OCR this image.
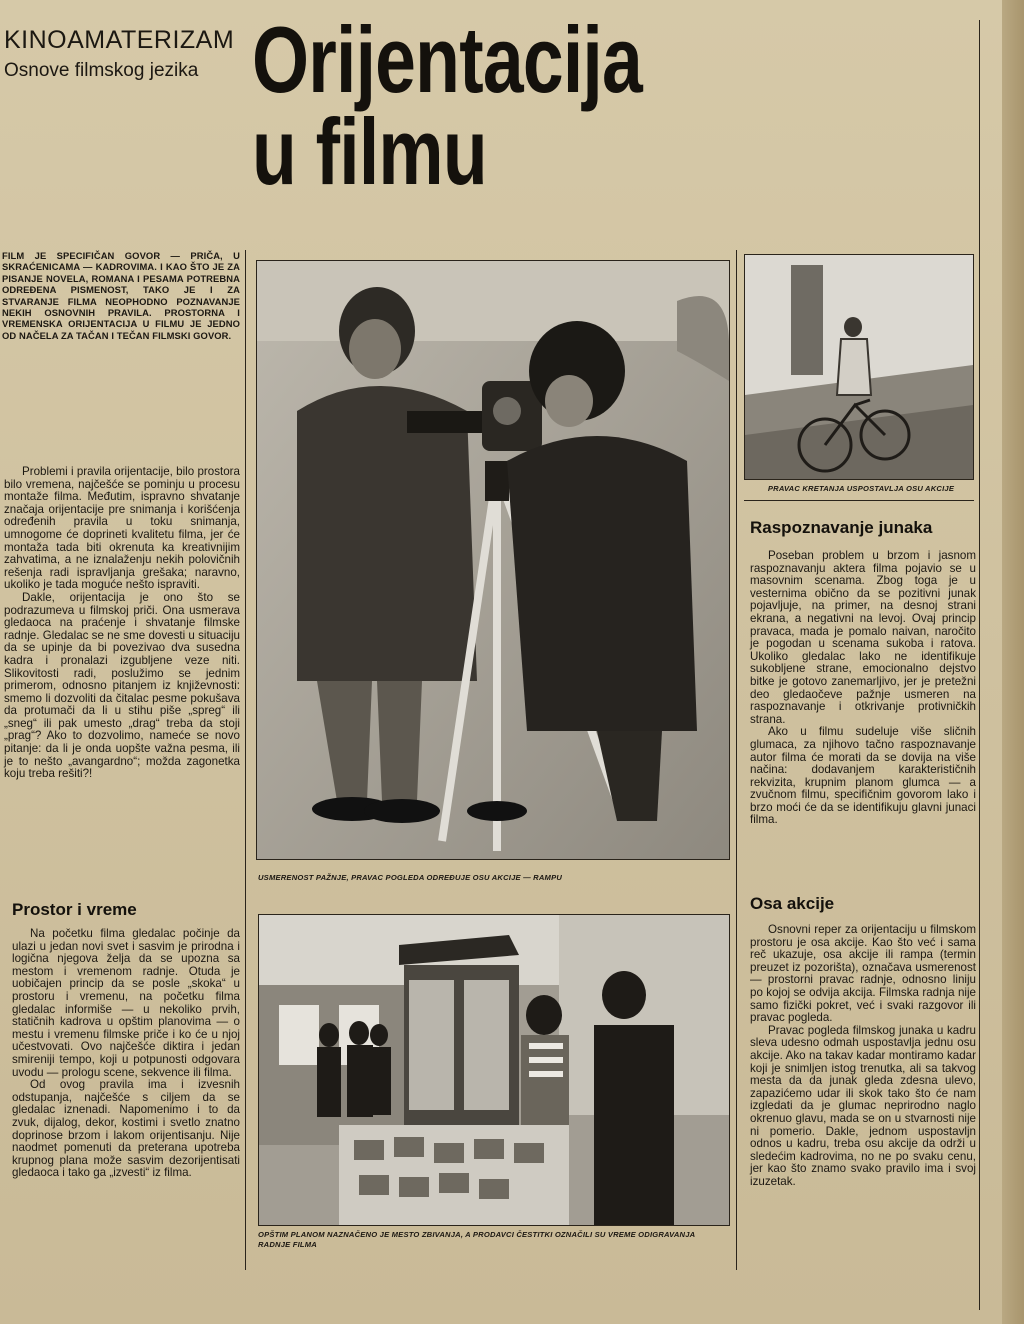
KINOAMATERIZAM
Osnove filmskog jezika Orijentacija
u filmu
FILM JE SPECIFIČAN GOVOR — PRIČA, U SKRAĆENICAMA — KADROVIMA. I KAO ŠTO JE ZA PISANJE NOVELA, ROMANA I PESAMA POTREBNA ODREĐENA PISMENOST, TAKO JE I ZA STVARANJE FILMA NEOPHODNO POZNAVANJE NEKIH OSNOVNIH PRAVILA. PROSTORNA I VREMENSKA ORIJENTACIJA U FILMU JE JEDNO OD NAČELA ZA TAČAN I TEČAN FILMSKI GOVOR.

Problemi i pravila orijentacije, bilo prostora bilo vremena, najčešće se pominju u procesu montaže filma. Međutim, ispravno shvatanje značaja orijentacije pre snimanja i korišćenja određenih pravila u toku snimanja, umnogome će doprineti kvalitetu filma, jer će montaža tada biti okrenuta ka kreativnijim zahvatima, a ne iznalaženju nekih polovičnih rešenja radi ispravljanja grešaka; naravno, ukoliko je tada moguće nešto ispraviti.

Dakle, orijentacija je ono što se podrazumeva u filmskoj priči. Ona usmerava gledaoca na praćenje i shvatanje filmske radnje. Gledalac se ne sme dovesti u situaciju da se upinje da bi povezivao dva susedna kadra i pronalazi izgubljene veze niti. Slikovitosti radi, poslužimo se jednim primerom, odnosno pitanjem iz književnosti: smemo li dozvoliti da čitalac pesme pokušava da protumači da li u stihu piše „spreg“ ili „sneg“ ili pak umesto „drag“ treba da stoji „prag“? Ako to dozvolimo, nameće se novo pitanje: da li je onda uopšte važna pesma, ili je to nešto „avangardno“; možda zagonetka koju treba rešiti?!

Prostor i vreme

Na početku filma gledalac počinje da ulazi u jedan novi svet i sasvim je prirodna i logična njegova želja da se upozna sa mestom i vremenom radnje. Otuda je uobičajen princip da se posle „skoka“ u prostoru i vremenu, na početku filma gledalac informiše — u nekoliko prvih, statičnih kadrova u opštim planovima — o mestu i vremenu filmske priče i ko će u njoj učestvovati. Ovo najčešće diktira i jedan smireniji tempo, koji u potpunosti odgovara uvodu — prologu scene, sekvence ili filma.

Od ovog pravila ima i izvesnih odstupanja, najčešće s ciljem da se gledalac iznenadi. Napomenimo i to da zvuk, dijalog, dekor, kostimi i svetlo znatno doprinose brzom i lakom orijentisanju. Nije naodmet pomenuti da preterana upotreba krupnog plana može sasvim dezorijentisati gledaoca i tako ga „izvesti“ iz filma.

USMERENOST PAŽNJE, PRAVAC POGLEDA ODREĐUJE OSU AKCIJE — RAMPU
OPŠTIM PLANOM NAZNAČENO JE MESTO ZBIVANJA, A PRODAVCI ČESTITKI OZNAČILI SU VREME ODIGRAVANJA RADNJE FILMA
PRAVAC KRETANJA USPOSTAVLJA OSU AKCIJE
Raspoznavanje junaka

Poseban problem u brzom i jasnom raspoznavanju aktera filma pojavio se u masovnim scenama. Zbog toga je u vesternima obično da se pozitivni junak pojavljuje, na primer, na desnoj strani ekrana, a negativni na levoj. Ovaj princip pravaca, mada je pomalo naivan, naročito je pogodan u scenama sukoba i ratova. Ukoliko gledalac lako ne identifikuje sukobljene strane, emocionalno dejstvo bitke je gotovo zanemarljivo, jer je pretežni deo gledaočeve pažnje usmeren na raspoznavanje i otkrivanje protivničkih strana.

Ako u filmu sudeluje više sličnih glumaca, za njihovo tačno raspoznavanje autor filma će morati da se dovija na više načina: dodavanjem karakterističnih rekvizita, krupnim planom glumca — a zvučnom filmu, specifičnim govorom lako i brzo moći će da se identifikuju glavni junaci filma.

Osa akcije

Osnovni reper za orijentaciju u filmskom prostoru je osa akcije. Kao što već i sama reč ukazuje, osa akcije ili rampa (termin preuzet iz pozorišta), označava usmerenost — prostorni pravac radnje, odnosno liniju po kojoj se odvija akcija. Filmska radnja nije samo fizički pokret, već i svaki razgovor ili pravac pogleda.

Pravac pogleda filmskog junaka u kadru sleva udesno odmah uspostavlja jednu osu akcije. Ako na takav kadar montiramo kadar koji je snimljen istog trenutka, ali sa takvog mesta da da junak gleda zdesna ulevo, zapazićemo udar ili skok tako što će nam izgledati da je glumac neprirodno naglo okrenuo glavu, mada se on u stvarnosti nije ni pomerio. Dakle, jednom uspostavljn odnos u kadru, treba osu akcije da održi u sledećim kadrovima, no ne po svaku cenu, jer kao što znamo svako pravilo ima i svoj izuzetak.
